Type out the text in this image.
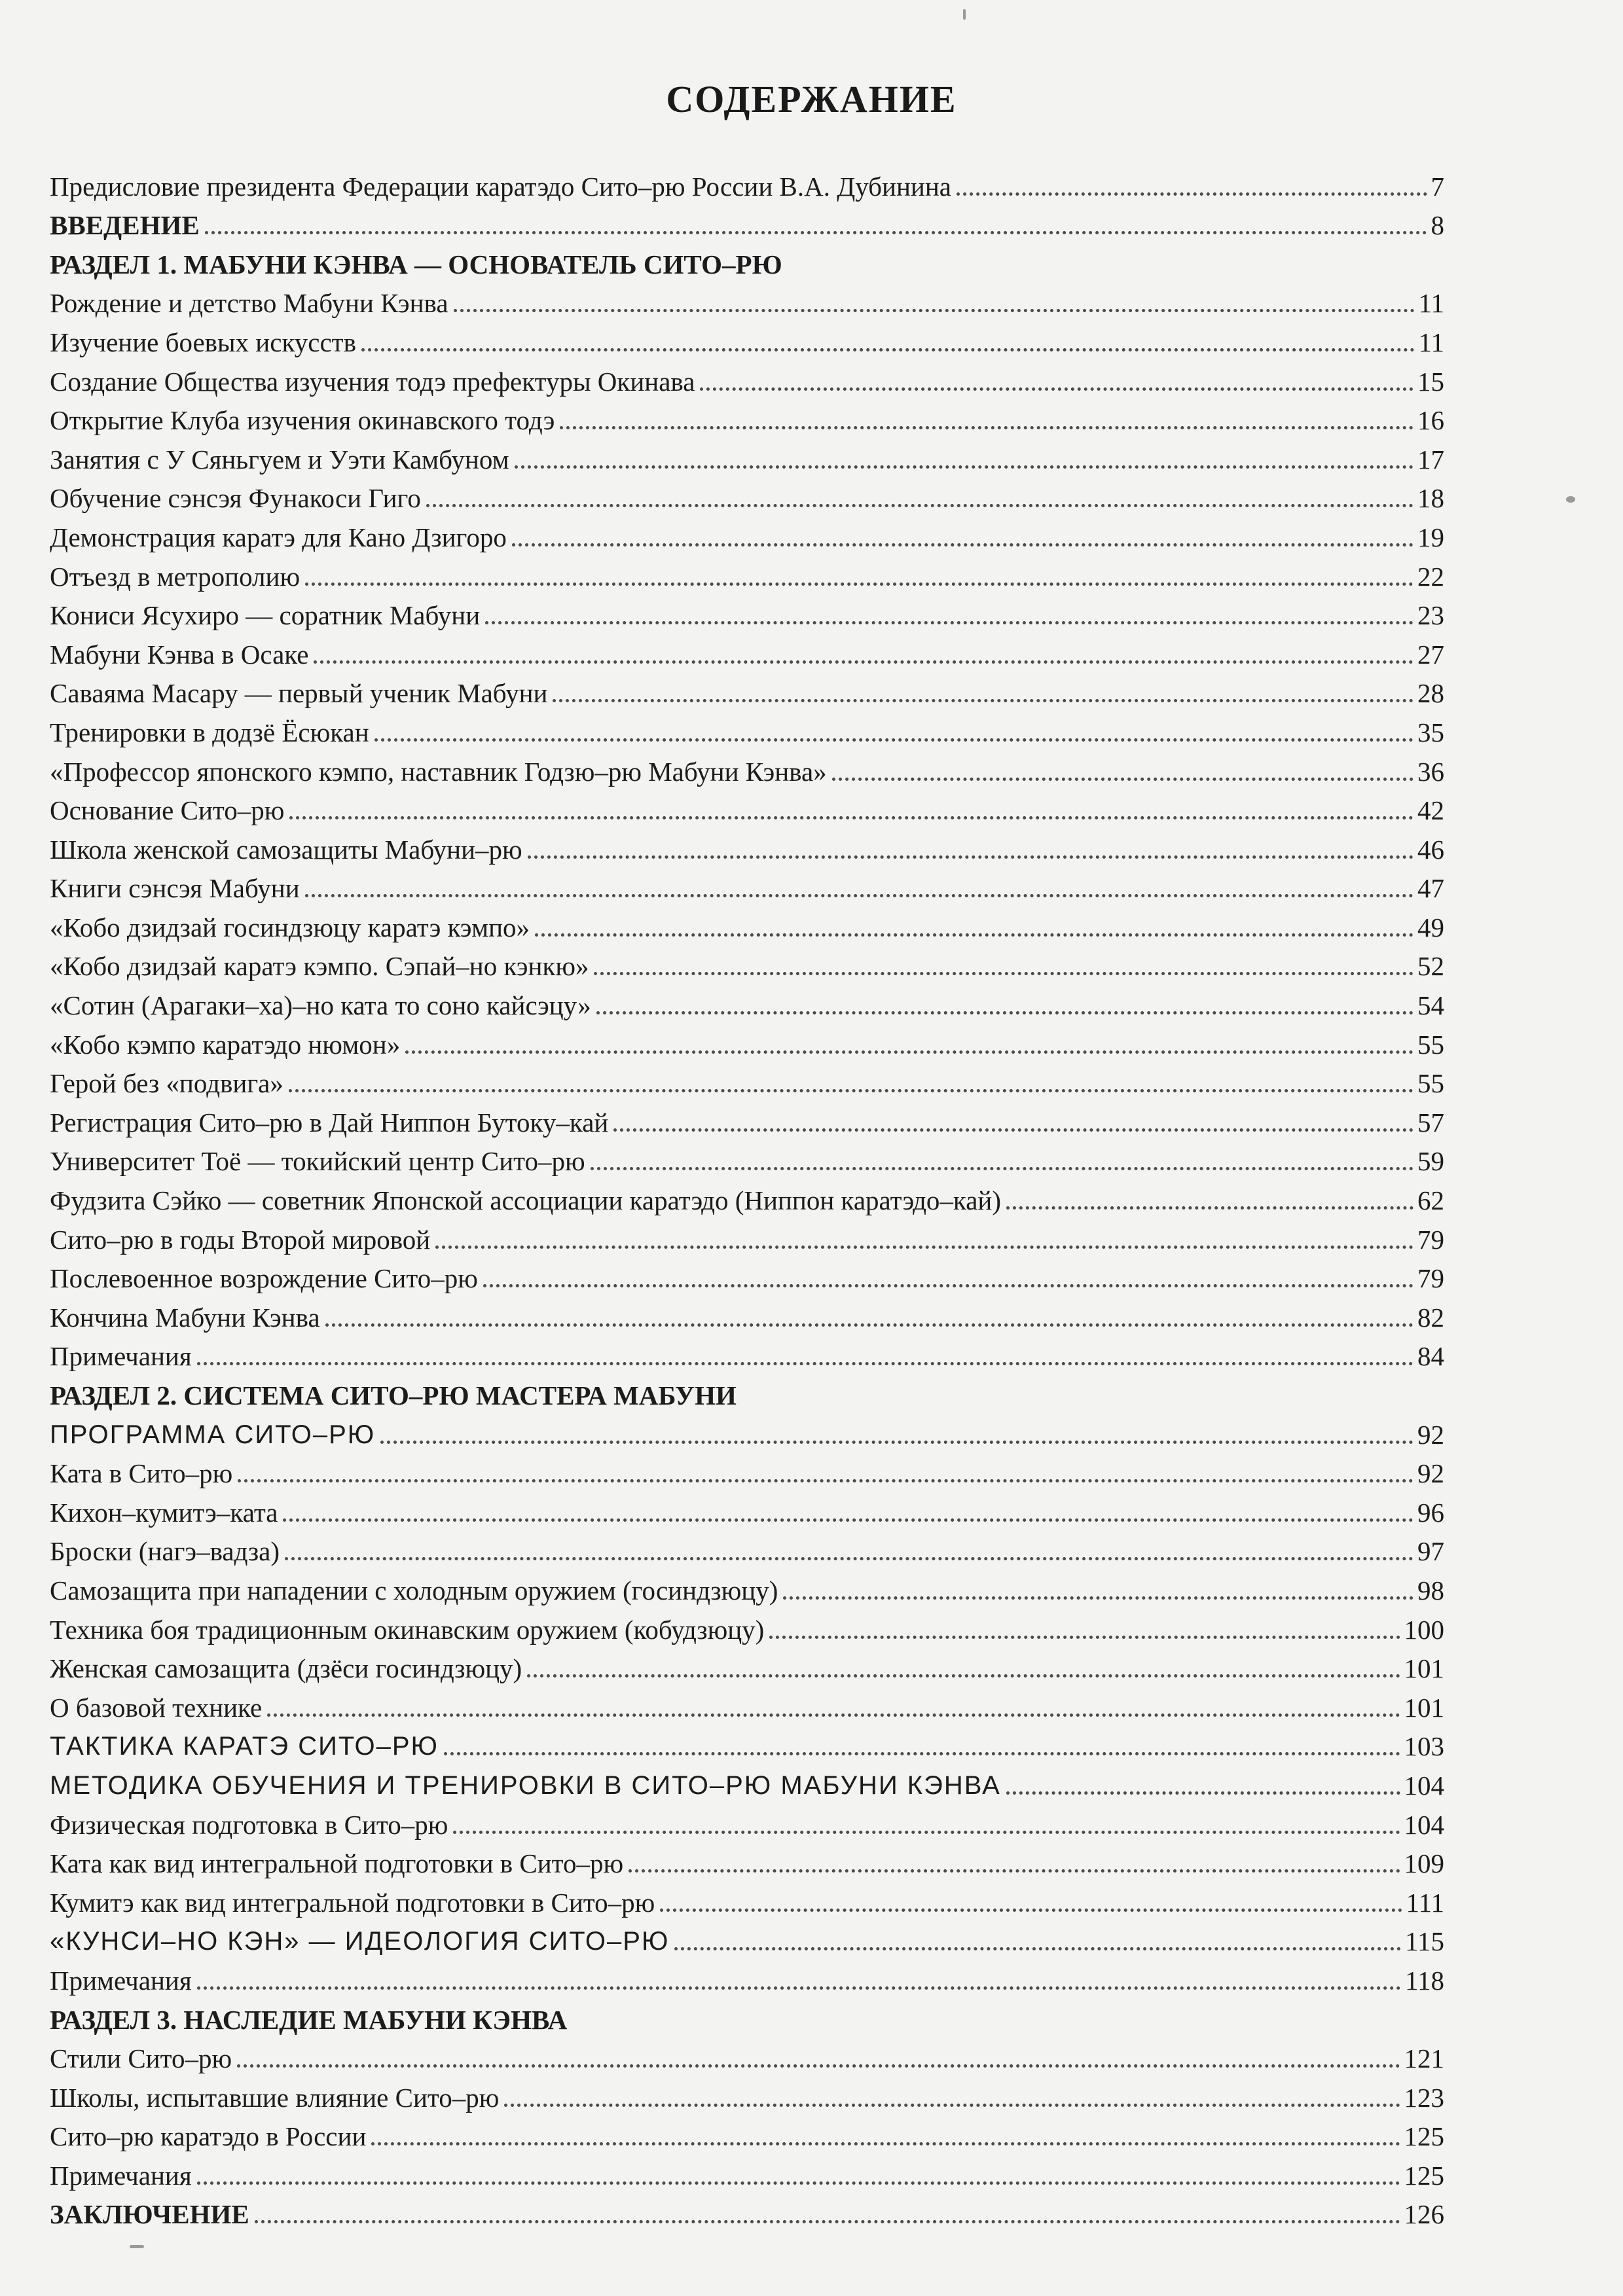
СОДЕРЖАНИЕ
Предисловие президента Федерации каратэдо Сито–рю России В.А. Дубинина	7
ВВЕДЕНИЕ	8
РАЗДЕЛ 1. МАБУНИ КЭНВА — ОСНОВАТЕЛЬ СИТО–РЮ
Рождение и детство Мабуни Кэнва	11
Изучение боевых искусств	11
Создание Общества изучения тодэ префектуры Окинава	15
Открытие Клуба изучения окинавского тодэ	16
Занятия с У Сяньгуем и Уэти Камбуном	17
Обучение сэнсэя Фунакоси Гиго	18
Демонстрация каратэ для Кано Дзигоро	19
Отъезд в метрополию	22
Кониси Ясухиро — соратник Мабуни	23
Мабуни Кэнва в Осаке	27
Саваяма Масару — первый ученик Мабуни	28
Тренировки в додзё Ёсюкан	35
«Профессор японского кэмпо, наставник Годзю–рю Мабуни Кэнва»	36
Основание Сито–рю	42
Школа женской самозащиты Мабуни–рю	46
Книги сэнсэя Мабуни	47
«Кобо дзидзай госиндзюцу каратэ кэмпо»	49
«Кобо дзидзай каратэ кэмпо. Сэпай–но кэнкю»	52
«Сотин (Арагаки–ха)–но ката то соно кайсэцу»	54
«Кобо кэмпо каратэдо нюмон»	55
Герой без «подвига»	55
Регистрация Сито–рю в Дай Ниппон Бутоку–кай	57
Университет Тоё — токийский центр Сито–рю	59
Фудзита Сэйко — советник Японской ассоциации каратэдо (Ниппон каратэдо–кай)	62
Сито–рю в годы Второй мировой	79
Послевоенное возрождение Сито–рю	79
Кончина Мабуни Кэнва	82
Примечания	84
РАЗДЕЛ 2. СИСТЕМА СИТО–РЮ МАСТЕРА МАБУНИ
ПРОГРАММА СИТО–РЮ	92
Ката в Сито–рю	92
Кихон–кумитэ–ката	96
Броски (нагэ–вадза)	97
Самозащита при нападении с холодным оружием (госиндзюцу)	98
Техника боя традиционным окинавским оружием (кобудзюцу)	100
Женская самозащита (дзёси госиндзюцу)	101
О базовой технике	101
ТАКТИКА КАРАТЭ СИТО–РЮ	103
МЕТОДИКА ОБУЧЕНИЯ И ТРЕНИРОВКИ В СИТО–РЮ МАБУНИ КЭНВА	104
Физическая подготовка в Сито–рю	104
Ката как вид интегральной подготовки в Сито–рю	109
Кумитэ как вид интегральной подготовки в Сито–рю	111
«КУНСИ–НО КЭН» — ИДЕОЛОГИЯ СИТО–РЮ	115
Примечания	118
РАЗДЕЛ 3. НАСЛЕДИЕ МАБУНИ КЭНВА
Стили Сито–рю	121
Школы, испытавшие влияние Сито–рю	123
Сито–рю каратэдо в России	125
Примечания	125
ЗАКЛЮЧЕНИЕ	126
